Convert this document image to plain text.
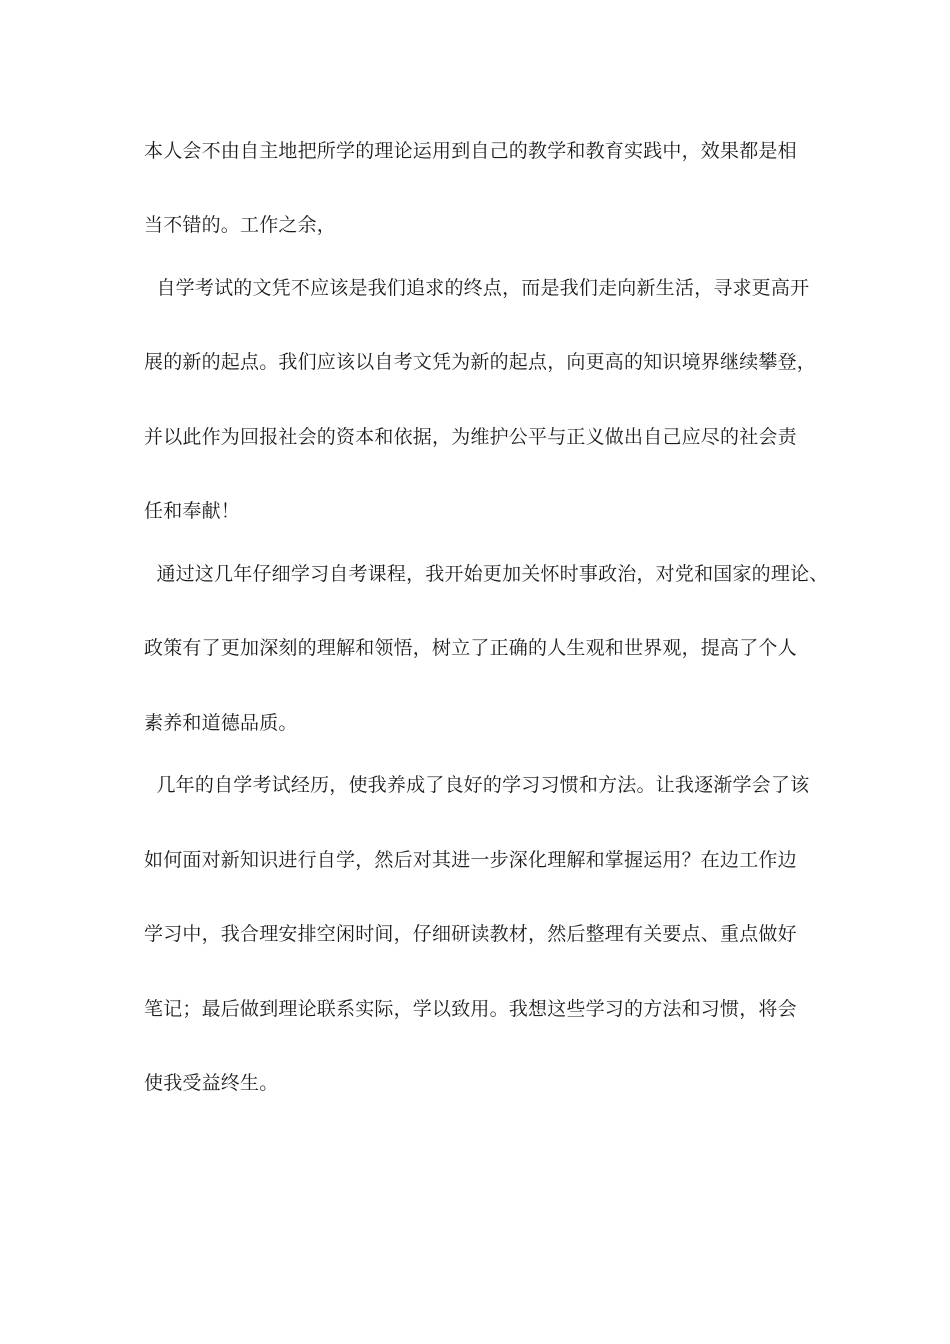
本人会不由自主地把所学的理论运用到自己的教学和教育实践中，效果都是相
当不错的。工作之余，
自学考试的文凭不应该是我们追求的终点，而是我们走向新生活，寻求更高开
展的新的起点。我们应该以自考文凭为新的起点，向更高的知识境界继续攀登，
并以此作为回报社会的资本和依据，为维护公平与正义做出自己应尽的社会责
任和奉献！
通过这几年仔细学习自考课程，我开始更加关怀时事政治，对党和国家的理论、
政策有了更加深刻的理解和领悟，树立了正确的人生观和世界观，提高了个人
素养和道德品质。
几年的自学考试经历，使我养成了良好的学习习惯和方法。让我逐渐学会了该
如何面对新知识进行自学，然后对其进一步深化理解和掌握运用？在边工作边
学习中，我合理安排空闲时间，仔细研读教材，然后整理有关要点、重点做好
笔记；最后做到理论联系实际，学以致用。我想这些学习的方法和习惯，将会
使我受益终生。
